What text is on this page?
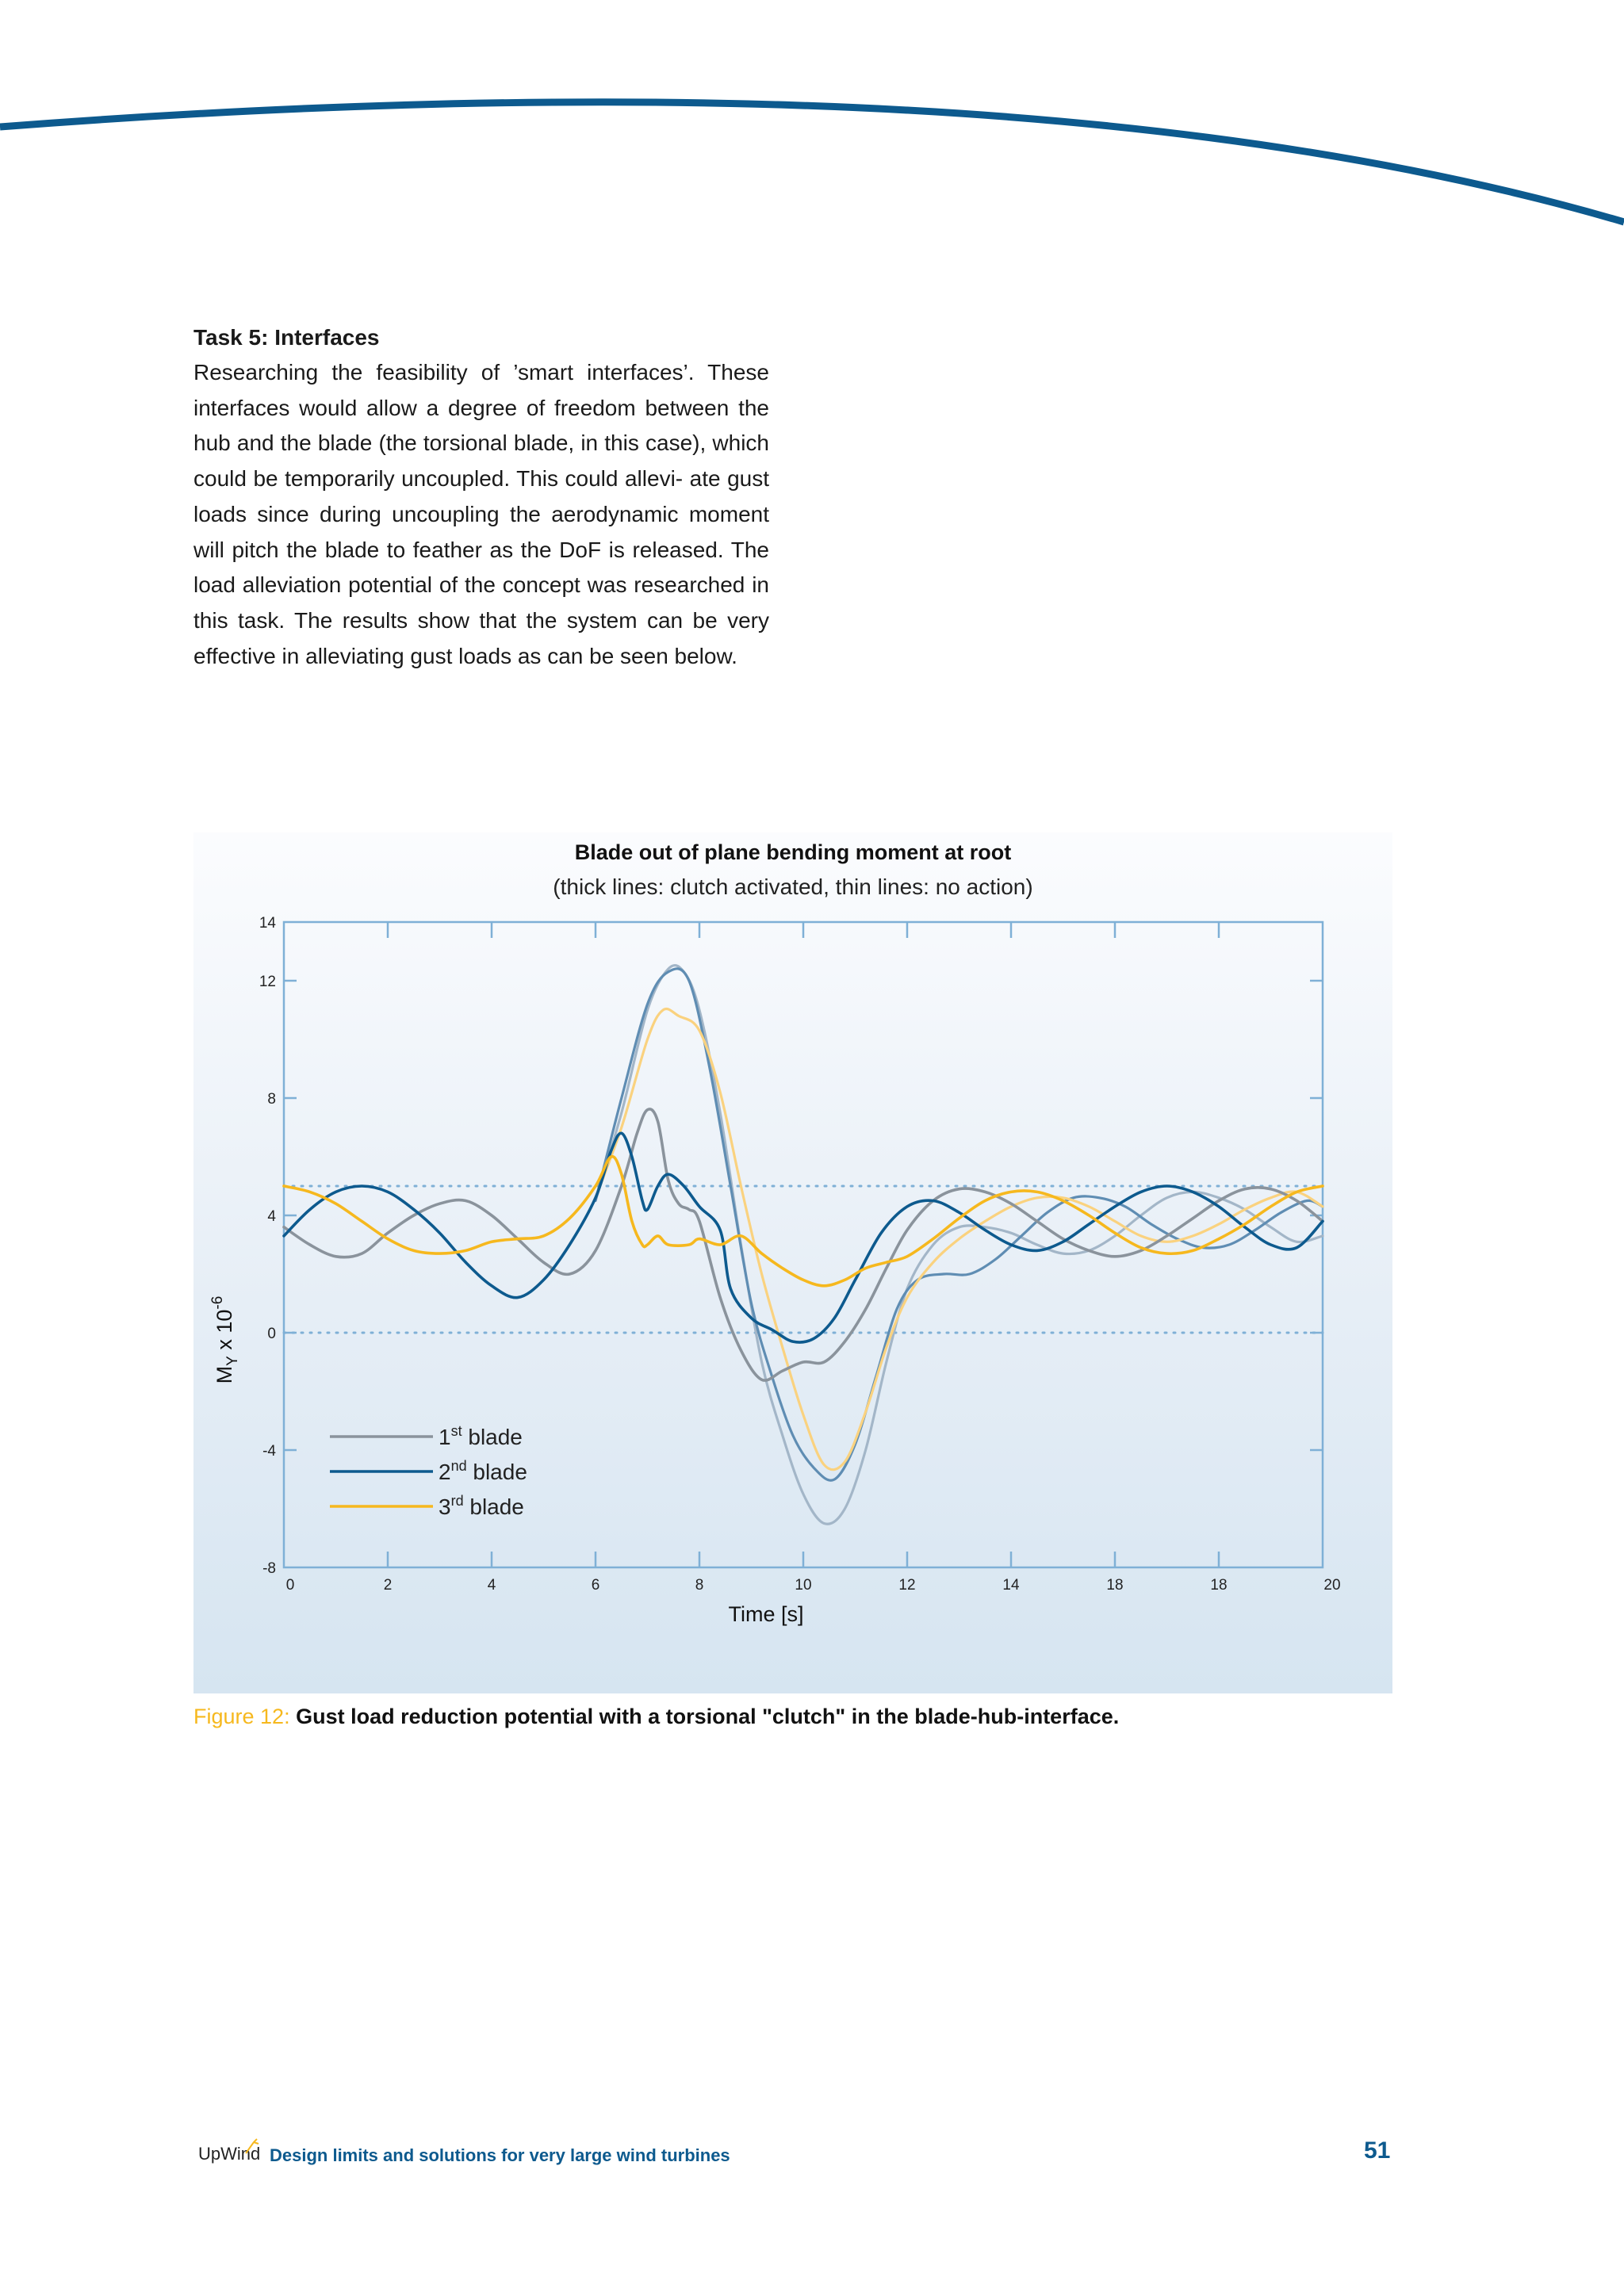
Task 5: Interfaces

Researching the feasibility of ’smart interfaces’. These interfaces would allow a degree of freedom between the hub and the blade (the torsional blade, in this case), which could be temporarily uncoupled. This could allevi- ate gust loads since during uncoupling the aerodynamic moment will pitch the blade to feather as the DoF is released. The load alleviation potential of the concept was researched in this task. The results show that the system can be very effective in alleviating gust loads as can be seen below.

Blade out of plane bending moment at root
(thick lines: clutch activated, thin lines: no action)
0	2	4	6	8	10	12	14	18	18	20
14
12
8
4
0
-4
-8
Time [s]
$M_Y$ x $10^{-6}$
1st blade
2nd blade
3rd blade
Figure 12: Gust load reduction potential with a torsional "clutch" in the blade-hub-interface.
UpWind Design limits and solutions for very large wind turbines	51
